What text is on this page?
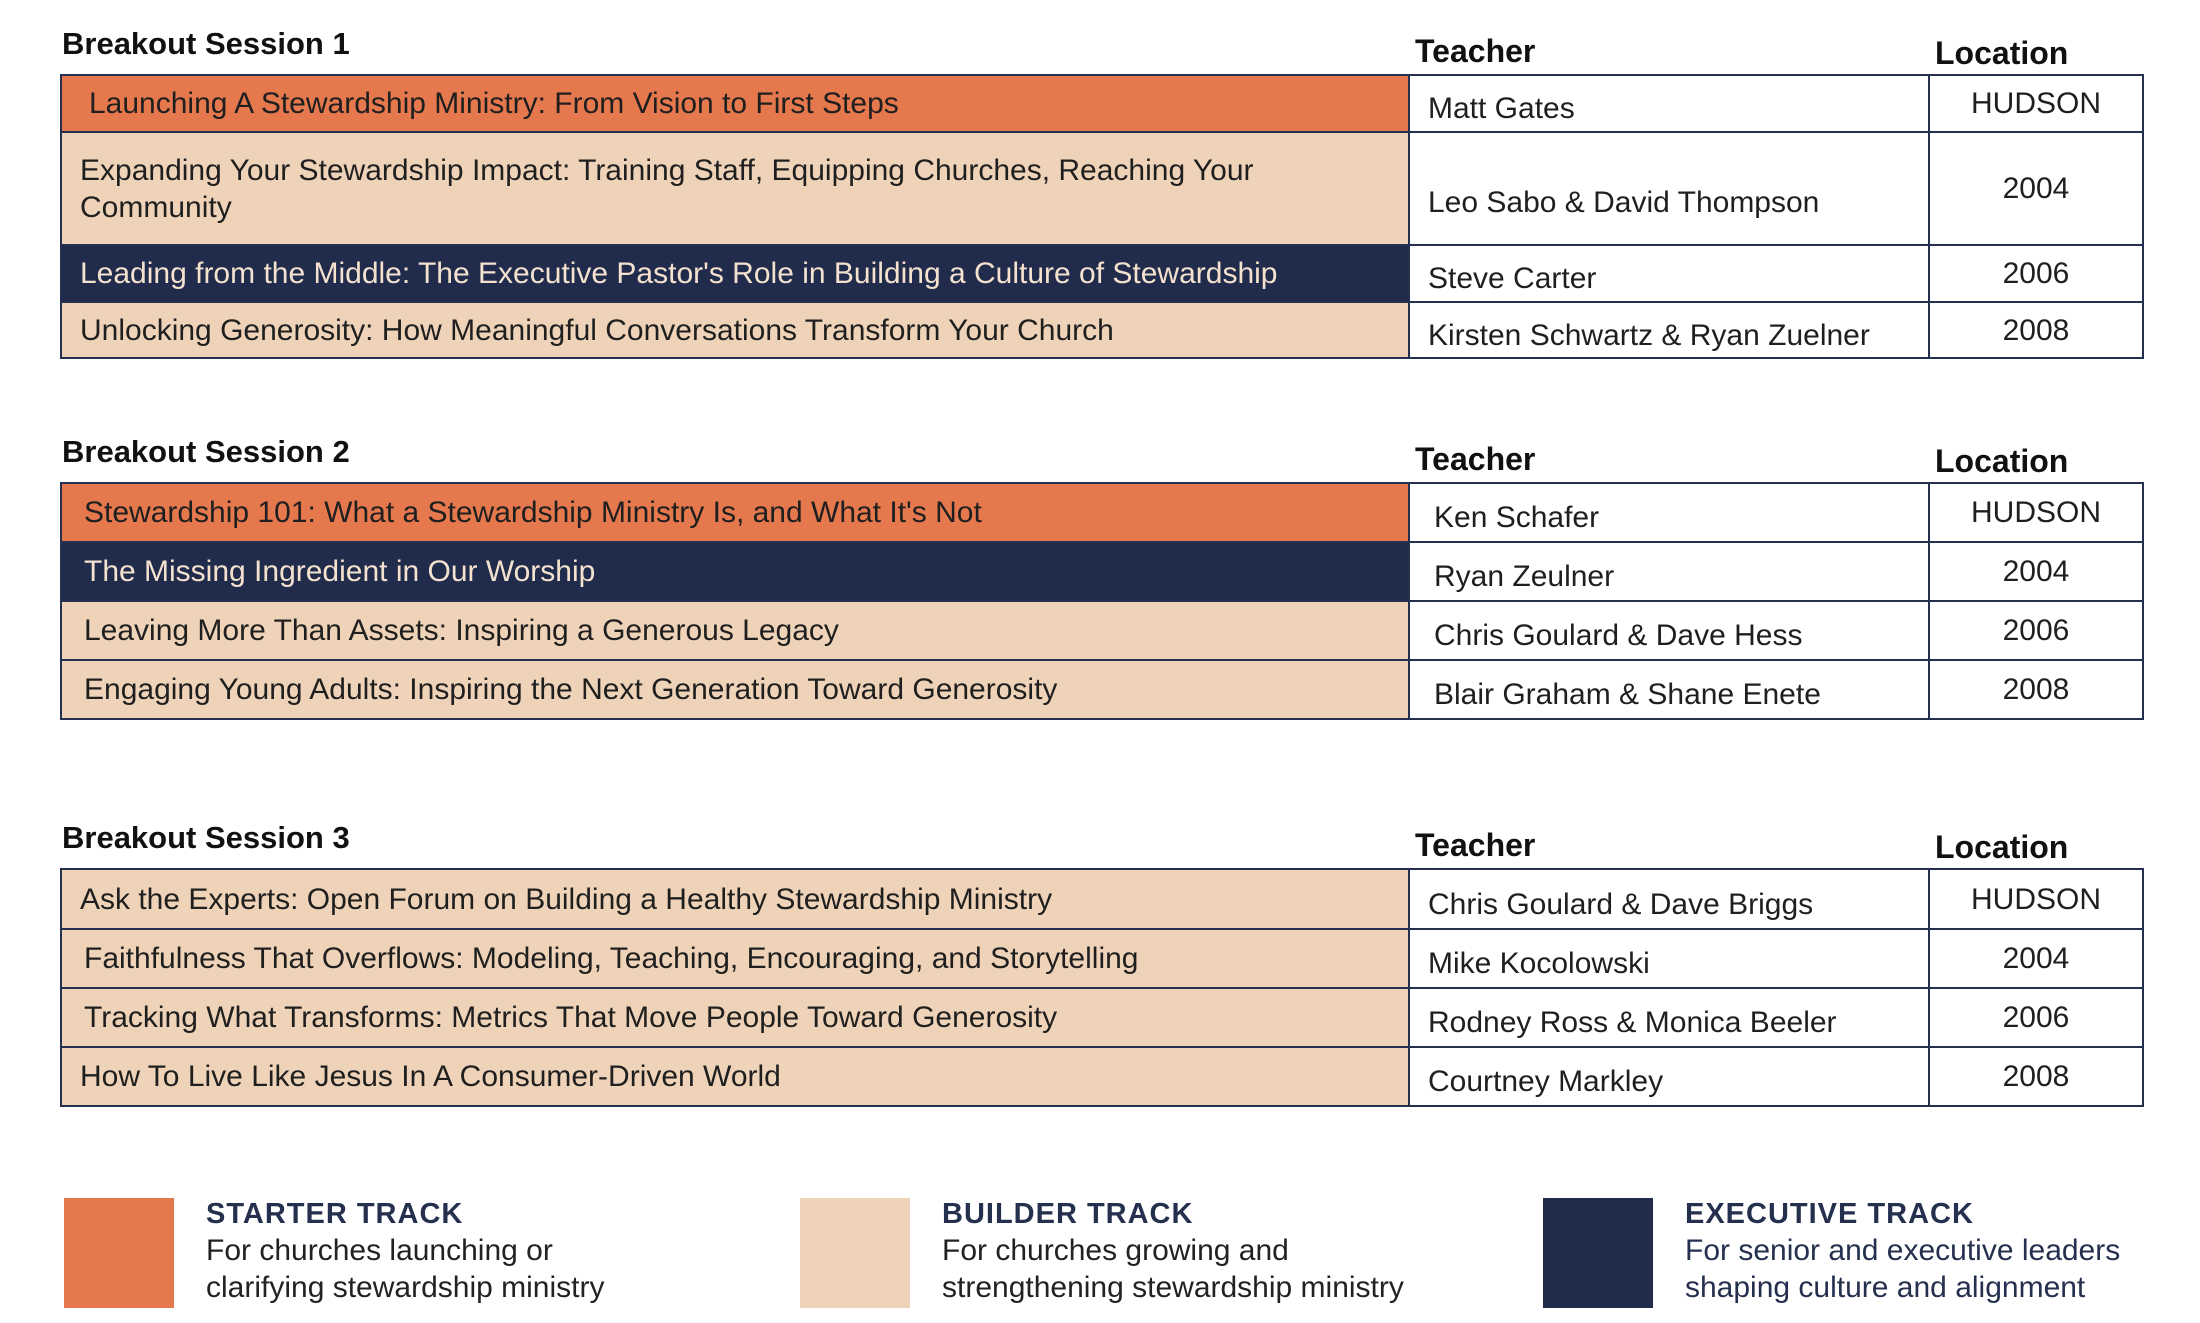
Breakout Session 1	Teacher	Location
Launching A Stewardship Ministry: From Vision to First Steps	Matt Gates	HUDSON
Expanding Your Stewardship Impact: Training Staff, Equipping Churches, Reaching Your Community	Leo Sabo & David Thompson	2004
Leading from the Middle: The Executive Pastor's Role in Building a Culture of Stewardship	Steve Carter	2006
Unlocking Generosity: How Meaningful Conversations Transform Your Church	Kirsten Schwartz & Ryan Zuelner	2008
Breakout Session 2	Teacher	Location
Stewardship 101: What a Stewardship Ministry Is, and What It's Not	Ken Schafer	HUDSON
The Missing Ingredient in Our Worship	Ryan Zeulner	2004
Leaving More Than Assets: Inspiring a Generous Legacy	Chris Goulard & Dave Hess	2006
Engaging Young Adults: Inspiring the Next Generation Toward Generosity	Blair Graham & Shane Enete	2008
Breakout Session 3	Teacher	Location
Ask the Experts: Open Forum on Building a Healthy Stewardship Ministry	Chris Goulard & Dave Briggs	HUDSON
Faithfulness That Overflows: Modeling, Teaching, Encouraging, and Storytelling	Mike Kocolowski	2004
Tracking What Transforms: Metrics That Move People Toward Generosity	Rodney Ross & Monica Beeler	2006
How To Live Like Jesus In A Consumer-Driven World	Courtney Markley	2008
STARTER TRACK
For churches launching or
clarifying stewardship ministry
BUILDER TRACK
For churches growing and
strengthening stewardship ministry
EXECUTIVE TRACK
For senior and executive leaders
shaping culture and alignment
